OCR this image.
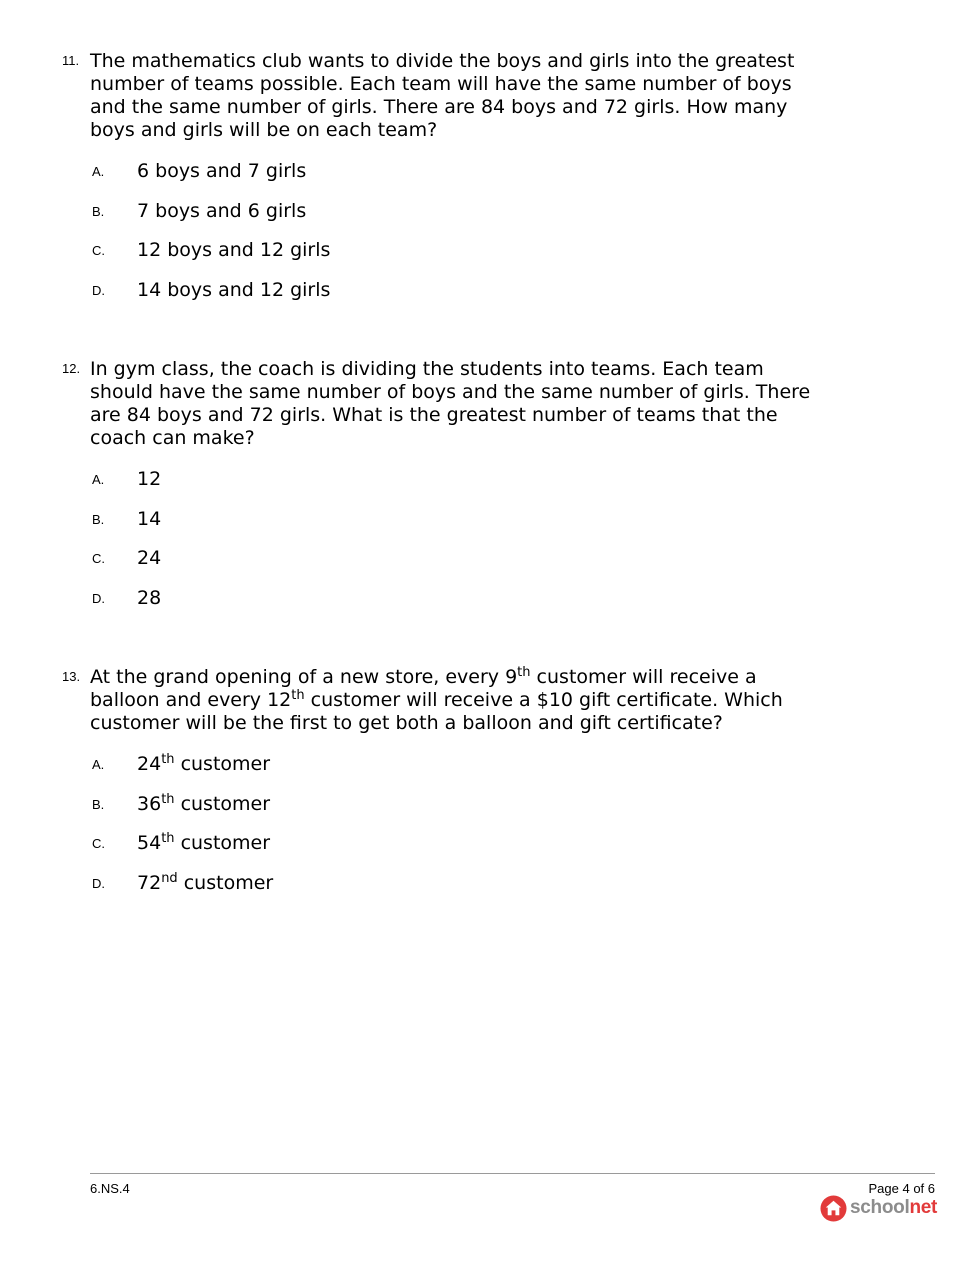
11. The mathematics club wants to divide the boys and girls into the greatest number of teams possible. Each team will have the same number of boys and the same number of girls. There are 84 boys and 72 girls. How many boys and girls will be on each team?
A. 6 boys and 7 girls
B. 7 boys and 6 girls
C. 12 boys and 12 girls
D. 14 boys and 12 girls
12. In gym class, the coach is dividing the students into teams. Each team should have the same number of boys and the same number of girls. There are 84 boys and 72 girls. What is the greatest number of teams that the coach can make?
A. 12
B. 14
C. 24
D. 28
13. At the grand opening of a new store, every 9th customer will receive a balloon and every 12th customer will receive a $10 gift certificate. Which customer will be the first to get both a balloon and gift certificate?
A. 24th customer
B. 36th customer
C. 54th customer
D. 72nd customer
6.NS.4	Page 4 of 6
schoolnet
